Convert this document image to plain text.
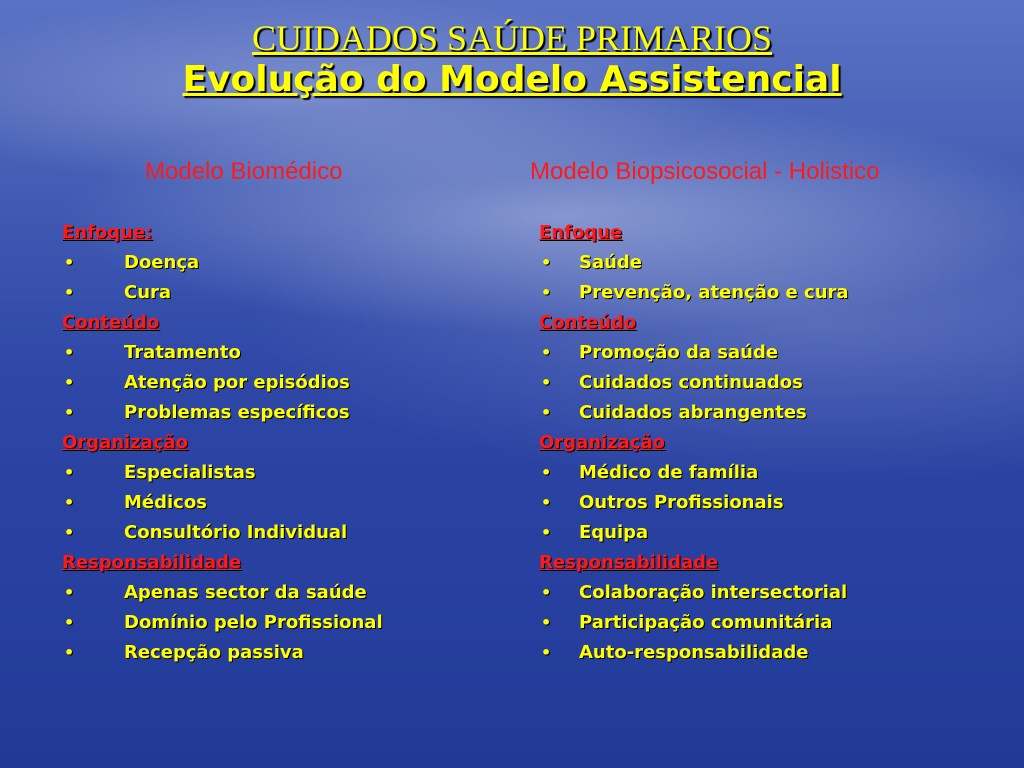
CUIDADOS SAÚDE PRIMARIOS
Evolução do Modelo Assistencial
Modelo Biomédico	Modelo Biopsicosocial - Holistico
Enfoque:
•	Doença
•	Cura
Conteúdo
•	Tratamento
•	Atenção por episódios
•	Problemas específicos
Organização
•	Especialistas
•	Médicos
•	Consultório Individual
Responsabilidade
•	Apenas sector da saúde
•	Domínio pelo Profissional
•	Recepção passiva
Enfoque
•	Saúde
•	Prevenção, atenção e cura
Conteúdo
•	Promoção da saúde
•	Cuidados continuados
•	Cuidados abrangentes
Organização
•	Médico de família
•	Outros Profissionais
•	Equipa
Responsabilidade
•	Colaboração intersectorial
•	Participação comunitária
•	Auto-responsabilidade
